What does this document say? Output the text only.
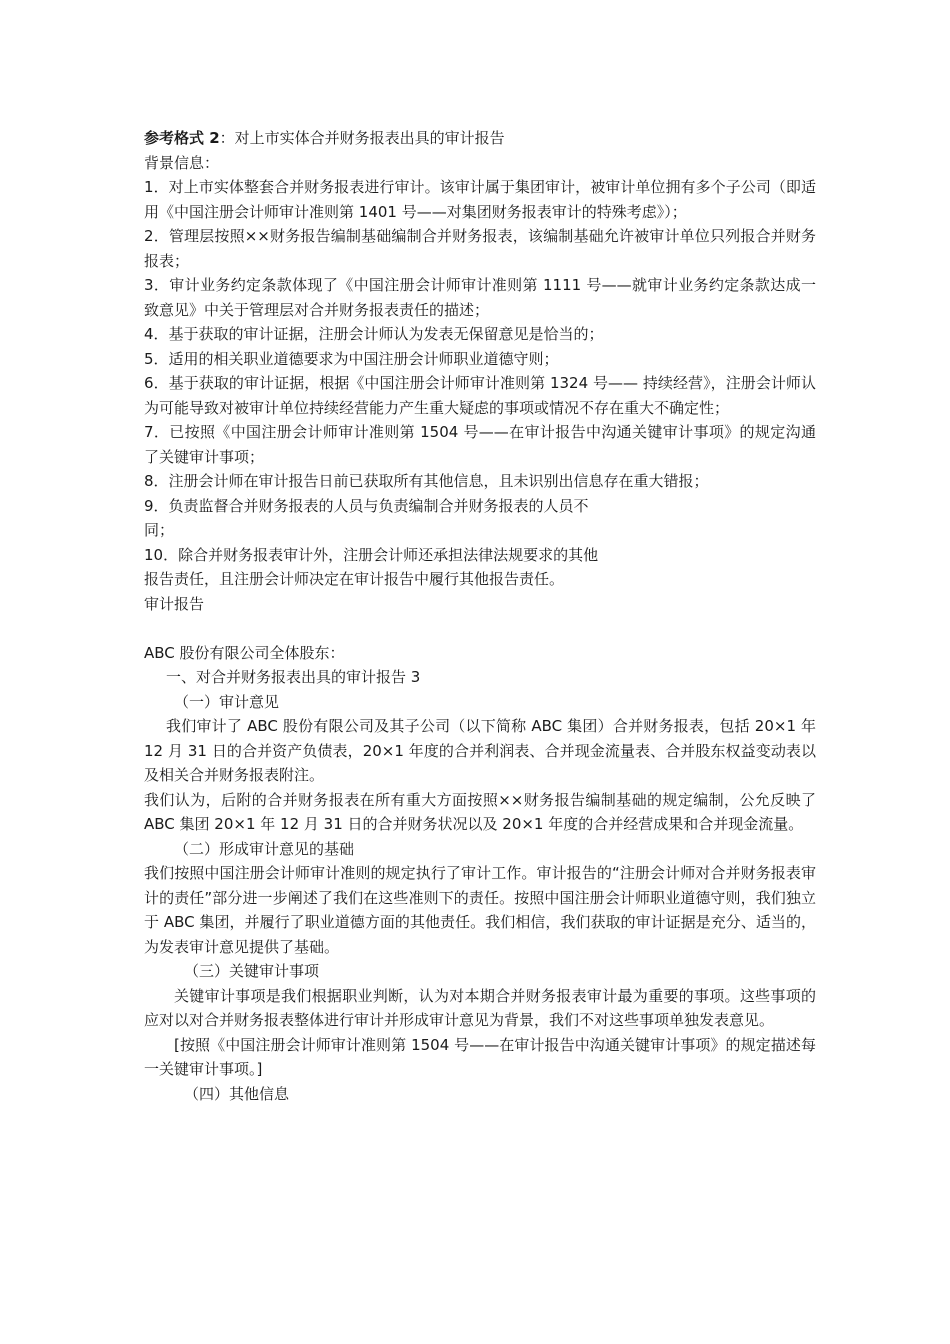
参考格式 2：对上市实体合并财务报表出具的审计报告

背景信息：

1．对上市实体整套合并财务报表进行审计。该审计属于集团审计，被审计单位拥有多个子公司（即适用《中国注册会计师审计准则第 1401 号——对集团财务报表审计的特殊考虑》）；

2．管理层按照××财务报告编制基础编制合并财务报表，该编制基础允许被审计单位只列报合并财务报表；

3．审计业务约定条款体现了《中国注册会计师审计准则第 1111 号——就审计业务约定条款达成一致意见》中关于管理层对合并财务报表责任的描述；

4．基于获取的审计证据，注册会计师认为发表无保留意见是恰当的；

5．适用的相关职业道德要求为中国注册会计师职业道德守则；

6．基于获取的审计证据，根据《中国注册会计师审计准则第 1324 号—— 持续经营》，注册会计师认为可能导致对被审计单位持续经营能力产生重大疑虑的事项或情况不存在重大不确定性；

7．已按照《中国注册会计师审计准则第 1504 号——在审计报告中沟通关键审计事项》的规定沟通了关键审计事项；

8．注册会计师在审计报告日前已获取所有其他信息，且未识别出信息存在重大错报；

9．负责监督合并财务报表的人员与负责编制合并财务报表的人员不

同；

10．除合并财务报表审计外，注册会计师还承担法律法规要求的其他

报告责任，且注册会计师决定在审计报告中履行其他报告责任。

审计报告

ABC 股份有限公司全体股东：

一、对合并财务报表出具的审计报告 3

（一）审计意见

我们审计了 ABC 股份有限公司及其子公司（以下简称 ABC 集团）合并财务报表，包括 20×1 年 12 月 31 日的合并资产负债表，20×1 年度的合并利润表、合并现金流量表、合并股东权益变动表以及相关合并财务报表附注。

我们认为，后附的合并财务报表在所有重大方面按照××财务报告编制基础的规定编制，公允反映了 ABC 集团 20×1 年 12 月 31 日的合并财务状况以及 20×1 年度的合并经营成果和合并现金流量。

（二）形成审计意见的基础

我们按照中国注册会计师审计准则的规定执行了审计工作。审计报告的“注册会计师对合并财务报表审计的责任”部分进一步阐述了我们在这些准则下的责任。按照中国注册会计师职业道德守则，我们独立于 ABC 集团，并履行了职业道德方面的其他责任。我们相信，我们获取的审计证据是充分、适当的，为发表审计意见提供了基础。

（三）关键审计事项

关键审计事项是我们根据职业判断，认为对本期合并财务报表审计最为重要的事项。这些事项的应对以对合并财务报表整体进行审计并形成审计意见为背景，我们不对这些事项单独发表意见。

[按照《中国注册会计师审计准则第 1504 号——在审计报告中沟通关键审计事项》的规定描述每一关键审计事项。]

（四）其他信息
